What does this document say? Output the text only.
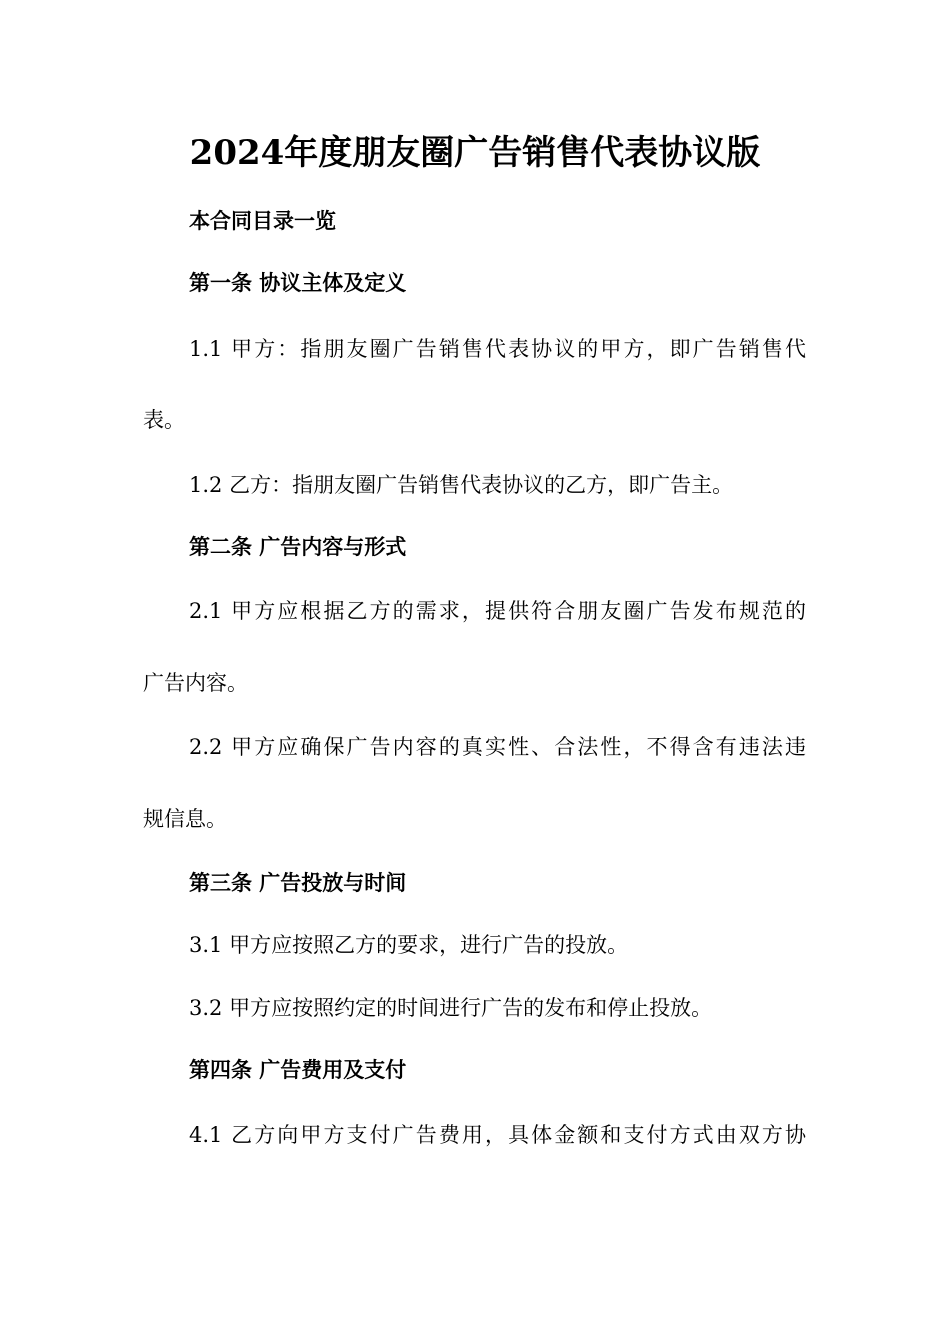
2024年度朋友圈广告销售代表协议版
本合同目录一览
第一条 协议主体及定义
1.1 甲方：指朋友圈广告销售代表协议的甲方，即广告销售代
表。
1.2 乙方：指朋友圈广告销售代表协议的乙方，即广告主。
第二条 广告内容与形式
2.1 甲方应根据乙方的需求，提供符合朋友圈广告发布规范的
广告内容。
2.2 甲方应确保广告内容的真实性、合法性，不得含有违法违
规信息。
第三条 广告投放与时间
3.1 甲方应按照乙方的要求，进行广告的投放。
3.2 甲方应按照约定的时间进行广告的发布和停止投放。
第四条 广告费用及支付
4.1 乙方向甲方支付广告费用，具体金额和支付方式由双方协
